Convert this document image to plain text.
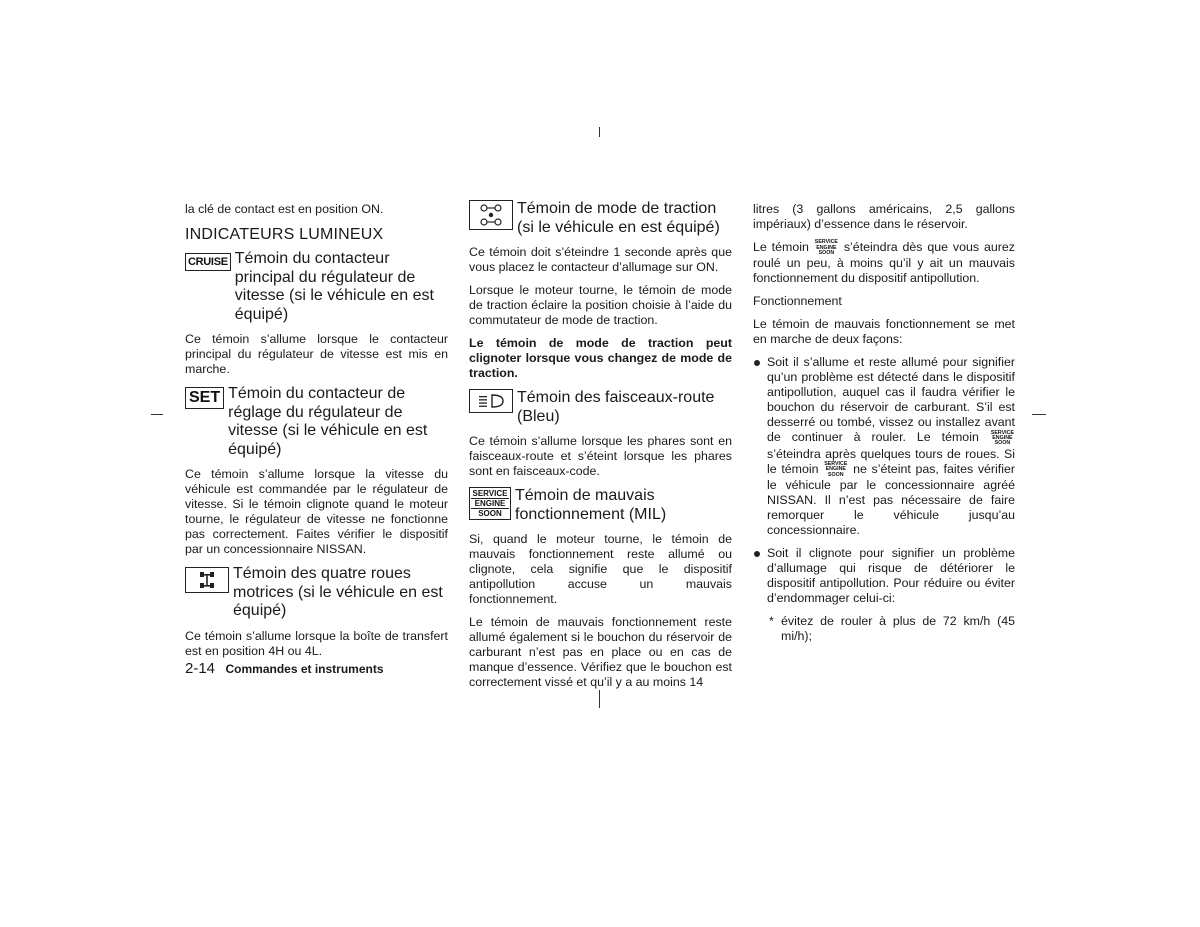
la clé de contact est en position ON.

INDICATEURS LUMINEUX
CRUISE Témoin du contacteur principal du régulateur de vitesse (si le véhicule en est équipé)

Ce témoin s’allume lorsque le contacteur principal du régulateur de vitesse est mis en marche.

SET Témoin du contacteur de réglage du régulateur de vitesse (si le véhicule en est équipé)

Ce témoin s’allume lorsque la vitesse du véhicule est commandée par le régulateur de vitesse. Si le témoin clignote quand le moteur tourne, le régulateur de vitesse ne fonctionne pas correctement. Faites vérifier le dispositif par un concessionnaire NISSAN.

Témoin des quatre roues motrices (si le véhicule en est équipé)

Ce témoin s’allume lorsque la boîte de transfert est en position 4H ou 4L.

Témoin de mode de traction (si le véhicule en est équipé)

Ce témoin doit s’éteindre 1 seconde après que vous placez le contacteur d’allumage sur ON.

Lorsque le moteur tourne, le témoin de mode de traction éclaire la position choisie à l’aide du commutateur de mode de traction.

Le témoin de mode de traction peut clignoter lorsque vous changez de mode de traction.

Témoin des faisceaux-route (Bleu)

Ce témoin s’allume lorsque les phares sont en faisceaux-route et s’éteint lorsque les phares sont en faisceaux-code.

SERVICE
ENGINE
SOON
Témoin de mauvais fonctionnement (MIL)

Si, quand le moteur tourne, le témoin de mauvais fonctionnement reste allumé ou clignote, cela signifie que le dispositif antipollution accuse un mauvais fonctionnement.

Le témoin de mauvais fonctionnement reste allumé également si le bouchon du réservoir de carburant n’est pas en place ou en cas de manque d’essence. Vérifiez que le bouchon est correctement vissé et qu’il y a au moins 14

litres (3 gallons américains, 2,5 gallons impériaux) d’essence dans le réservoir.

Le témoin SERVICE
ENGINE
SOON s’éteindra dès que vous aurez roulé un peu, à moins qu’il y ait un mauvais fonctionnement du dispositif antipollution.

Fonctionnement

Le témoin de mauvais fonctionnement se met en marche de deux façons:

Soit il s’allume et reste allumé pour signifier qu’un problème est détecté dans le dispositif antipollution, auquel cas il faudra vérifier le bouchon du réservoir de carburant. S’il est desserré ou tombé, vissez ou installez avant de continuer à rouler. Le témoin SERVICE
ENGINE
SOON
s’éteindra après quelques tours de roues. Si le témoin SERVICE
ENGINE
SOON ne s’éteint pas, faites vérifier le véhicule par le concessionnaire agréé NISSAN. Il n’est pas nécessaire de faire remorquer le véhicule jusqu’au concessionnaire.
Soit il clignote pour signifier un problème d’allumage qui risque de détériorer le dispositif antipollution. Pour réduire ou éviter d’endommager celui-ci:
* évitez de rouler à plus de 72 km/h (45 mi/h);
2-14 Commandes et instruments
